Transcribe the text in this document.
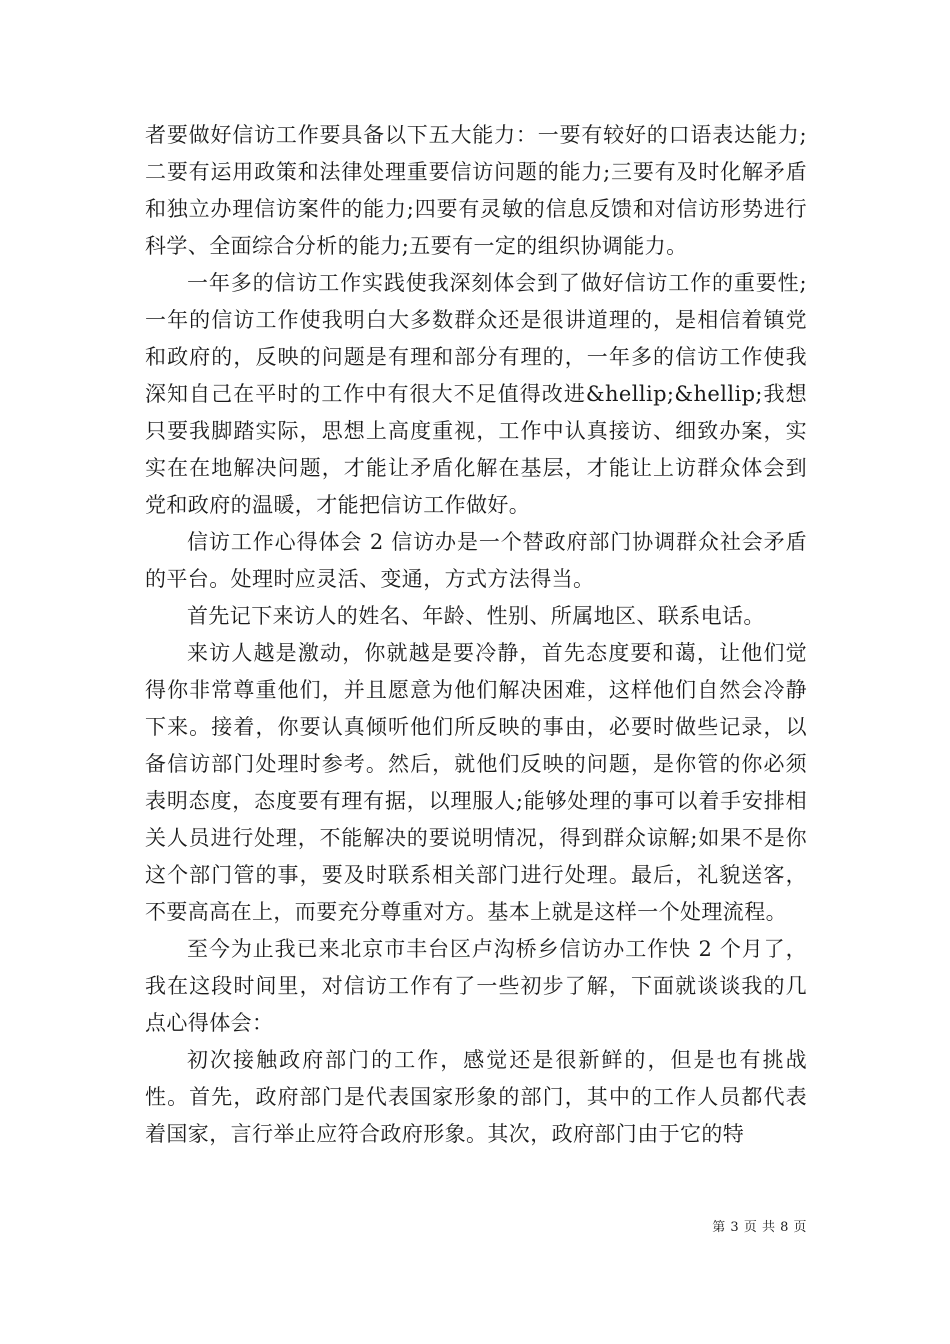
者要做好信访工作要具备以下五大能力：一要有较好的口语表达能力;二要有运用政策和法律处理重要信访问题的能力;三要有及时化解矛盾和独立办理信访案件的能力;四要有灵敏的信息反馈和对信访形势进行科学、全面综合分析的能力;五要有一定的组织协调能力。

一年多的信访工作实践使我深刻体会到了做好信访工作的重要性;一年的信访工作使我明白大多数群众还是很讲道理的，是相信着镇党和政府的，反映的问题是有理和部分有理的，一年多的信访工作使我深知自己在平时的工作中有很大不足值得改进&hellip;&hellip;我想只要我脚踏实际，思想上高度重视，工作中认真接访、细致办案，实实在在地解决问题，才能让矛盾化解在基层，才能让上访群众体会到党和政府的温暖，才能把信访工作做好。

信访工作心得体会 2 信访办是一个替政府部门协调群众社会矛盾的平台。处理时应灵活、变通，方式方法得当。

首先记下来访人的姓名、年龄、性别、所属地区、联系电话。

来访人越是激动，你就越是要冷静，首先态度要和蔼，让他们觉得你非常尊重他们，并且愿意为他们解决困难，这样他们自然会冷静下来。接着，你要认真倾听他们所反映的事由，必要时做些记录，以备信访部门处理时参考。然后，就他们反映的问题，是你管的你必须表明态度，态度要有理有据，以理服人;能够处理的事可以着手安排相关人员进行处理，不能解决的要说明情况，得到群众谅解;如果不是你这个部门管的事，要及时联系相关部门进行处理。最后，礼貌送客，不要高高在上，而要充分尊重对方。基本上就是这样一个处理流程。

至今为止我已来北京市丰台区卢沟桥乡信访办工作快 2 个月了，我在这段时间里，对信访工作有了一些初步了解，下面就谈谈我的几点心得体会：

初次接触政府部门的工作，感觉还是很新鲜的，但是也有挑战性。首先，政府部门是代表国家形象的部门，其中的工作人员都代表着国家，言行举止应符合政府形象。其次，政府部门由于它的特

第 3 页 共 8 页
